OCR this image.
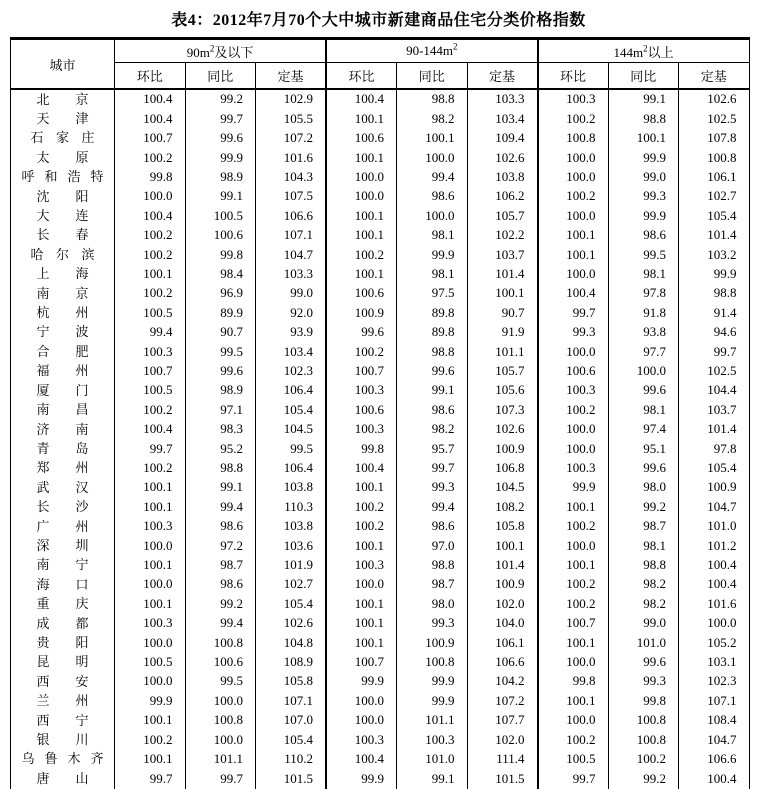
表4：2012年7月70个大中城市新建商品住宅分类价格指数
城市	$90m^2$及以下			$90-144m^2$			$144m^2$以上		
	环比	同比	定基	环比	同比	定基	环比	同比	定基
北京	100.4	99.2	102.9	100.4	98.8	103.3	100.3	99.1	102.6
天津	100.4	99.7	105.5	100.1	98.2	103.4	100.2	98.8	102.5
石家庄	100.7	99.6	107.2	100.6	100.1	109.4	100.8	100.1	107.8
太原	100.2	99.9	101.6	100.1	100.0	102.6	100.0	99.9	100.8
呼和浩特	99.8	98.9	104.3	100.0	99.4	103.8	100.0	99.0	106.1
沈阳	100.0	99.1	107.5	100.0	98.6	106.2	100.2	99.3	102.7
大连	100.4	100.5	106.6	100.1	100.0	105.7	100.0	99.9	105.4
长春	100.2	100.6	107.1	100.1	98.1	102.2	100.1	98.6	101.4
哈尔滨	100.2	99.8	104.7	100.2	99.9	103.7	100.1	99.5	103.2
上海	100.1	98.4	103.3	100.1	98.1	101.4	100.0	98.1	99.9
南京	100.2	96.9	99.0	100.6	97.5	100.1	100.4	97.8	98.8
杭州	100.5	89.9	92.0	100.9	89.8	90.7	99.7	91.8	91.4
宁波	99.4	90.7	93.9	99.6	89.8	91.9	99.3	93.8	94.6
合肥	100.3	99.5	103.4	100.2	98.8	101.1	100.0	97.7	99.7
福州	100.7	99.6	102.3	100.7	99.6	105.7	100.6	100.0	102.5
厦门	100.5	98.9	106.4	100.3	99.1	105.6	100.3	99.6	104.4
南昌	100.2	97.1	105.4	100.6	98.6	107.3	100.2	98.1	103.7
济南	100.4	98.3	104.5	100.3	98.2	102.6	100.0	97.4	101.4
青岛	99.7	95.2	99.5	99.8	95.7	100.9	100.0	95.1	97.8
郑州	100.2	98.8	106.4	100.4	99.7	106.8	100.3	99.6	105.4
武汉	100.1	99.1	103.8	100.1	99.3	104.5	99.9	98.0	100.9
长沙	100.1	99.4	110.3	100.2	99.4	108.2	100.1	99.2	104.7
广州	100.3	98.6	103.8	100.2	98.6	105.8	100.2	98.7	101.0
深圳	100.0	97.2	103.6	100.1	97.0	100.1	100.0	98.1	101.2
南宁	100.1	98.7	101.9	100.3	98.8	101.4	100.1	98.8	100.4
海口	100.0	98.6	102.7	100.0	98.7	100.9	100.2	98.2	100.4
重庆	100.1	99.2	105.4	100.1	98.0	102.0	100.2	98.2	101.6
成都	100.3	99.4	102.6	100.1	99.3	104.0	100.7	99.0	100.0
贵阳	100.0	100.8	104.8	100.1	100.9	106.1	100.1	101.0	105.2
昆明	100.5	100.6	108.9	100.7	100.8	106.6	100.0	99.6	103.1
西安	100.0	99.5	105.8	99.9	99.9	104.2	99.8	99.3	102.3
兰州	99.9	100.0	107.1	100.0	99.9	107.2	100.1	99.8	107.1
西宁	100.1	100.8	107.0	100.0	101.1	107.7	100.0	100.8	108.4
银川	100.2	100.0	105.4	100.3	100.3	102.0	100.2	100.8	104.7
乌鲁木齐	100.1	101.1	110.2	100.4	101.0	111.4	100.5	100.2	106.6
唐山	99.7	99.7	101.5	99.9	99.1	101.5	99.7	99.2	100.4
